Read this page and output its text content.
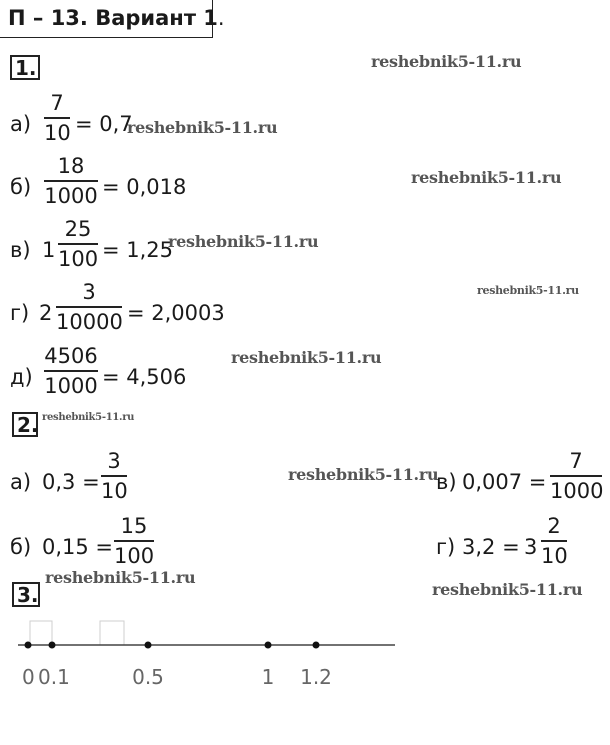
П – 13. Вариант 1.
1.	reshebnik5-11.ru
а)
7
10 = 0,7
reshebnik5-11.ru
б)
18
1000 = 0,018	reshebnik5-11.ru
в) 1
25
100 = 1,25
reshebnik5-11.ru
г) 2
3
10000 = 2,0003
reshebnik5-11.ru
д)
4506
1000 = 4,506
reshebnik5-11.ru
2. reshebnik5-11.ru
а) 0,3 =
3
10
reshebnik5-11.ru
в) 0,007 =
7
1000
б) 0,15 =
15
100	г) 3,2 = 3
2
10
reshebnik5-11.ru
3.	reshebnik5-11.ru
0 0.1	0.5	1 1.2
